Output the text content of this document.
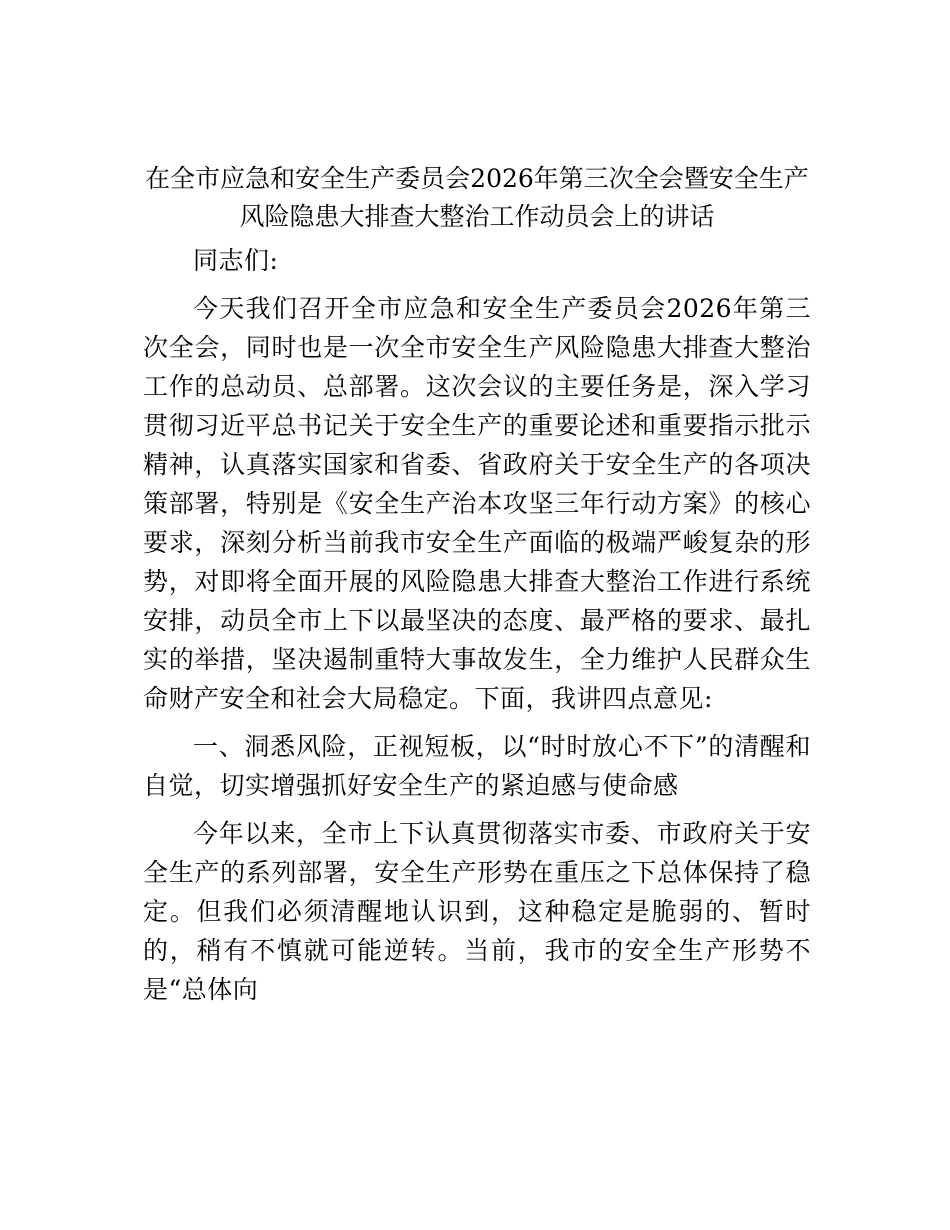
在全市应急和安全生产委员会2026年第三次全会暨安全生产
风险隐患大排查大整治工作动员会上的讲话

同志们:

今天我们召开全市应急和安全生产委员会2026年第三次全会，同时也是一次全市安全生产风险隐患大排查大整治工作的总动员、总部署。这次会议的主要任务是，深入学习贯彻习近平总书记关于安全生产的重要论述和重要指示批示精神，认真落实国家和省委、省政府关于安全生产的各项决策部署，特别是《安全生产治本攻坚三年行动方案》的核心要求，深刻分析当前我市安全生产面临的极端严峻复杂的形势，对即将全面开展的风险隐患大排查大整治工作进行系统安排，动员全市上下以最坚决的态度、最严格的要求、最扎实的举措，坚决遏制重特大事故发生，全力维护人民群众生命财产安全和社会大局稳定。下面，我讲四点意见:

一、洞悉风险，正视短板，以“时时放心不下”的清醒和自觉，切实增强抓好安全生产的紧迫感与使命感

今年以来，全市上下认真贯彻落实市委、市政府关于安全生产的系列部署，安全生产形势在重压之下总体保持了稳定。但我们必须清醒地认识到，这种稳定是脆弱的、暂时的，稍有不慎就可能逆转。当前，我市的安全生产形势不是“总体向
